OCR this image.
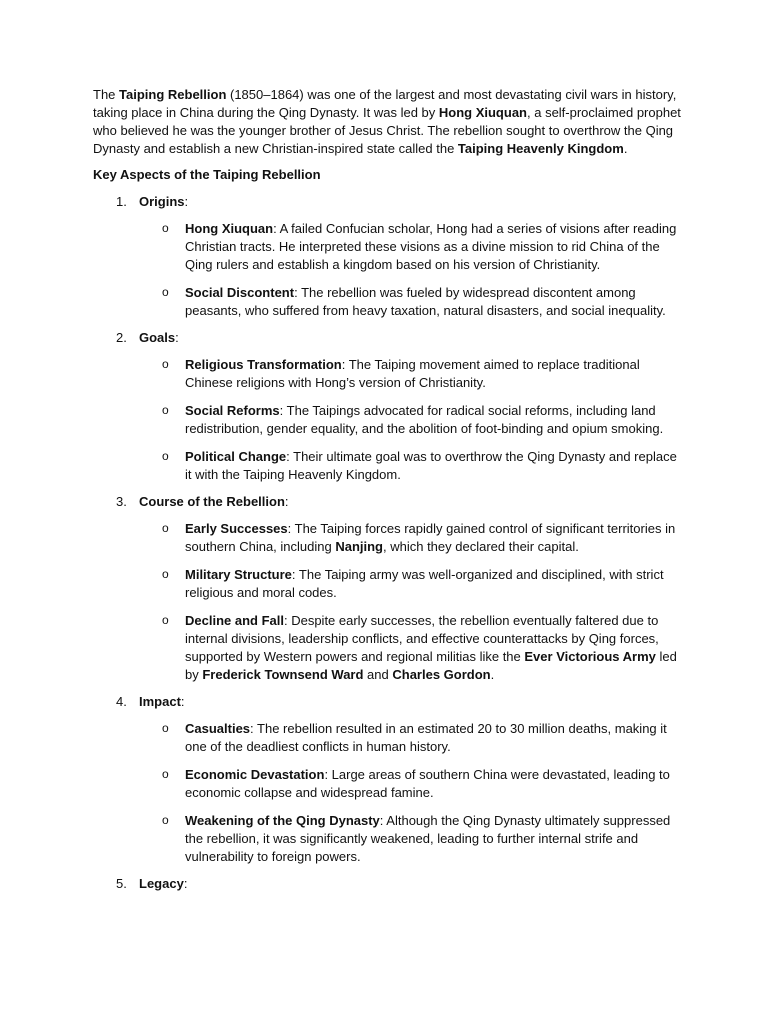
The Taiping Rebellion (1850–1864) was one of the largest and most devastating civil wars in history, taking place in China during the Qing Dynasty. It was led by Hong Xiuquan, a self-proclaimed prophet who believed he was the younger brother of Jesus Christ. The rebellion sought to overthrow the Qing Dynasty and establish a new Christian-inspired state called the Taiping Heavenly Kingdom.

Key Aspects of the Taiping Rebellion

1. Origins:
o Hong Xiuquan: A failed Confucian scholar, Hong had a series of visions after reading Christian tracts. He interpreted these visions as a divine mission to rid China of the Qing rulers and establish a kingdom based on his version of Christianity.
o Social Discontent: The rebellion was fueled by widespread discontent among peasants, who suffered from heavy taxation, natural disasters, and social inequality.
2. Goals:
o Religious Transformation: The Taiping movement aimed to replace traditional Chinese religions with Hong’s version of Christianity.
o Social Reforms: The Taipings advocated for radical social reforms, including land redistribution, gender equality, and the abolition of foot-binding and opium smoking.
o Political Change: Their ultimate goal was to overthrow the Qing Dynasty and replace it with the Taiping Heavenly Kingdom.
3. Course of the Rebellion:
o Early Successes: The Taiping forces rapidly gained control of significant territories in southern China, including Nanjing, which they declared their capital.
o Military Structure: The Taiping army was well-organized and disciplined, with strict religious and moral codes.
o Decline and Fall: Despite early successes, the rebellion eventually faltered due to internal divisions, leadership conflicts, and effective counterattacks by Qing forces, supported by Western powers and regional militias like the Ever Victorious Army led by Frederick Townsend Ward and Charles Gordon.
4. Impact:
o Casualties: The rebellion resulted in an estimated 20 to 30 million deaths, making it one of the deadliest conflicts in human history.
o Economic Devastation: Large areas of southern China were devastated, leading to economic collapse and widespread famine.
o Weakening of the Qing Dynasty: Although the Qing Dynasty ultimately suppressed the rebellion, it was significantly weakened, leading to further internal strife and vulnerability to foreign powers.
5. Legacy:
